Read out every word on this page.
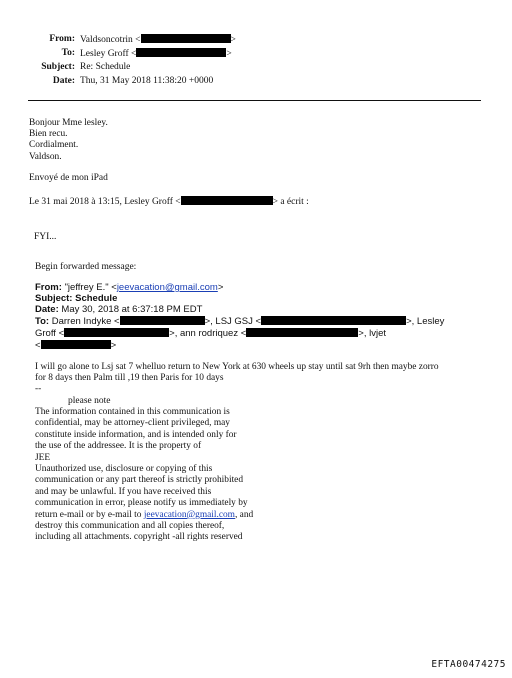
From: Valdsoncotrin <	>
To: Lesley Groff <	>
Subject: Re: Schedule
Date: Thu, 31 May 2018 11:38:20 +0000
Bonjour Mme lesley.
Bien recu.
Cordialment.
Valdson.
Envoyé de mon iPad
Le 31 mai 2018 à 13:15, Lesley Groff <	> a écrit :
FYI...
Begin forwarded message:
From: "jeffrey E." <jeevacation@gmail.com>
Subject: Schedule
Date: May 30, 2018 at 6:37:18 PM EDT
To: Darren Indyke <	>, LSJ GSJ <	>, Lesley
Groff <	>, ann rodriquez <	>, lvjet
<	>
I will go alone to Lsj sat 7 whelluo return to New York at 630 wheels up stay until sat 9rh then maybe zorro
for 8 days then Palm till ,19 then Paris for 10 days
--
please note
The information contained in this communication is
confidential, may be attorney-client privileged, may
constitute inside information, and is intended only for
the use of the addressee. It is the property of
JEE
Unauthorized use, disclosure or copying of this
communication or any part thereof is strictly prohibited
and may be unlawful. If you have received this
communication in error, please notify us immediately by
return e-mail or by e-mail to jeevacation@gmail.com, and
destroy this communication and all copies thereof,
including all attachments. copyright -all rights reserved
EFTA00474275
